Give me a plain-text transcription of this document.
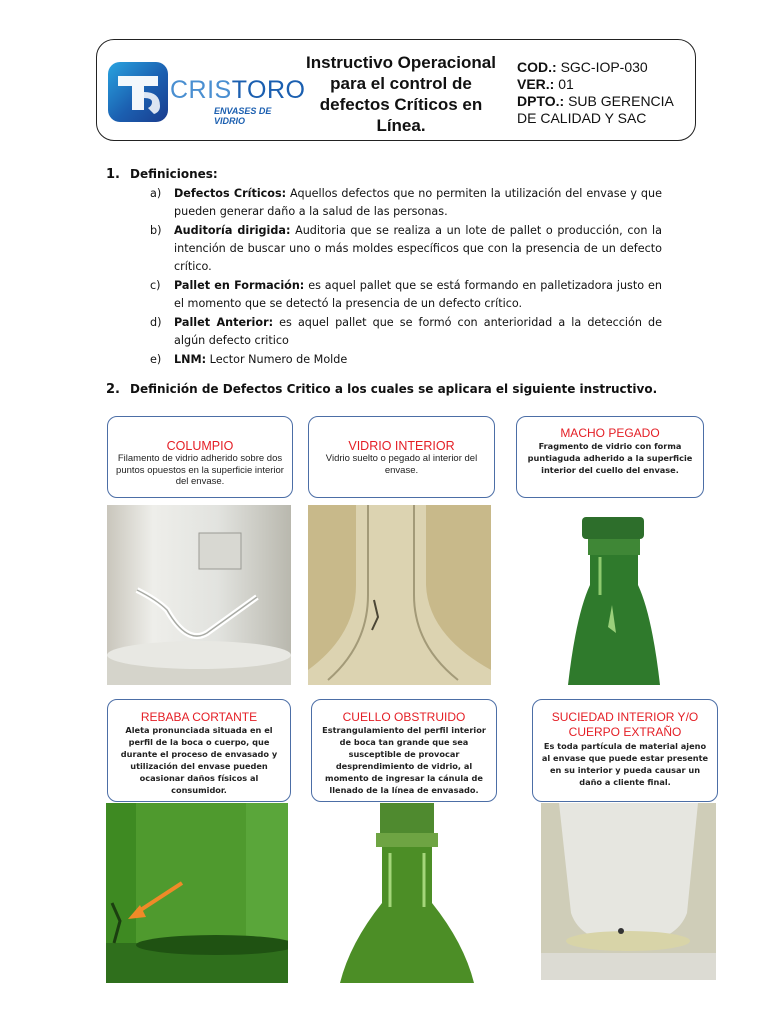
CRISTORO
ENVASES DE VIDRIO
Instructivo Operacional para el control de defectos Críticos en Línea.
COD.: SGC-IOP-030
VER.: 01
DPTO.: SUB GERENCIA DE CALIDAD Y SAC
1. Definiciones:
a) Defectos Críticos: Aquellos defectos que no permiten la utilización del envase y que pueden generar daño a la salud de las personas.
b) Auditoría dirigida: Auditoria que se realiza a un lote de pallet o producción, con la intención de buscar uno o más moldes específicos que con la presencia de un defecto crítico.
c) Pallet en Formación: es aquel pallet que se está formando en palletizadora justo en el momento que se detectó la presencia de un defecto crítico.
d) Pallet Anterior: es aquel pallet que se formó con anterioridad a la detección de algún defecto critico
e) LNM: Lector Numero de Molde
2. Definición de Defectos Critico a los cuales se aplicara el siguiente instructivo.
COLUMPIO
Filamento de vidrio adherido sobre dos puntos opuestos en la superficie interior del envase.
VIDRIO INTERIOR
Vidrio suelto o pegado al interior del envase.
MACHO PEGADO
Fragmento de vidrio con forma puntiaguda adherido a la superficie interior del cuello del envase.
REBABA CORTANTE
Aleta pronunciada situada en el perfil de la boca o cuerpo, que durante el proceso de envasado y utilización del envase pueden ocasionar daños físicos al consumidor.
CUELLO OBSTRUIDO
Estrangulamiento del perfil interior de boca tan grande que sea susceptible de provocar desprendimiento de vidrio, al momento de ingresar la cánula de llenado de la línea de envasado.
SUCIEDAD INTERIOR Y/O CUERPO EXTRAÑO
Es toda partícula de material ajeno al envase que puede estar presente en su interior y pueda causar un daño a cliente final.
